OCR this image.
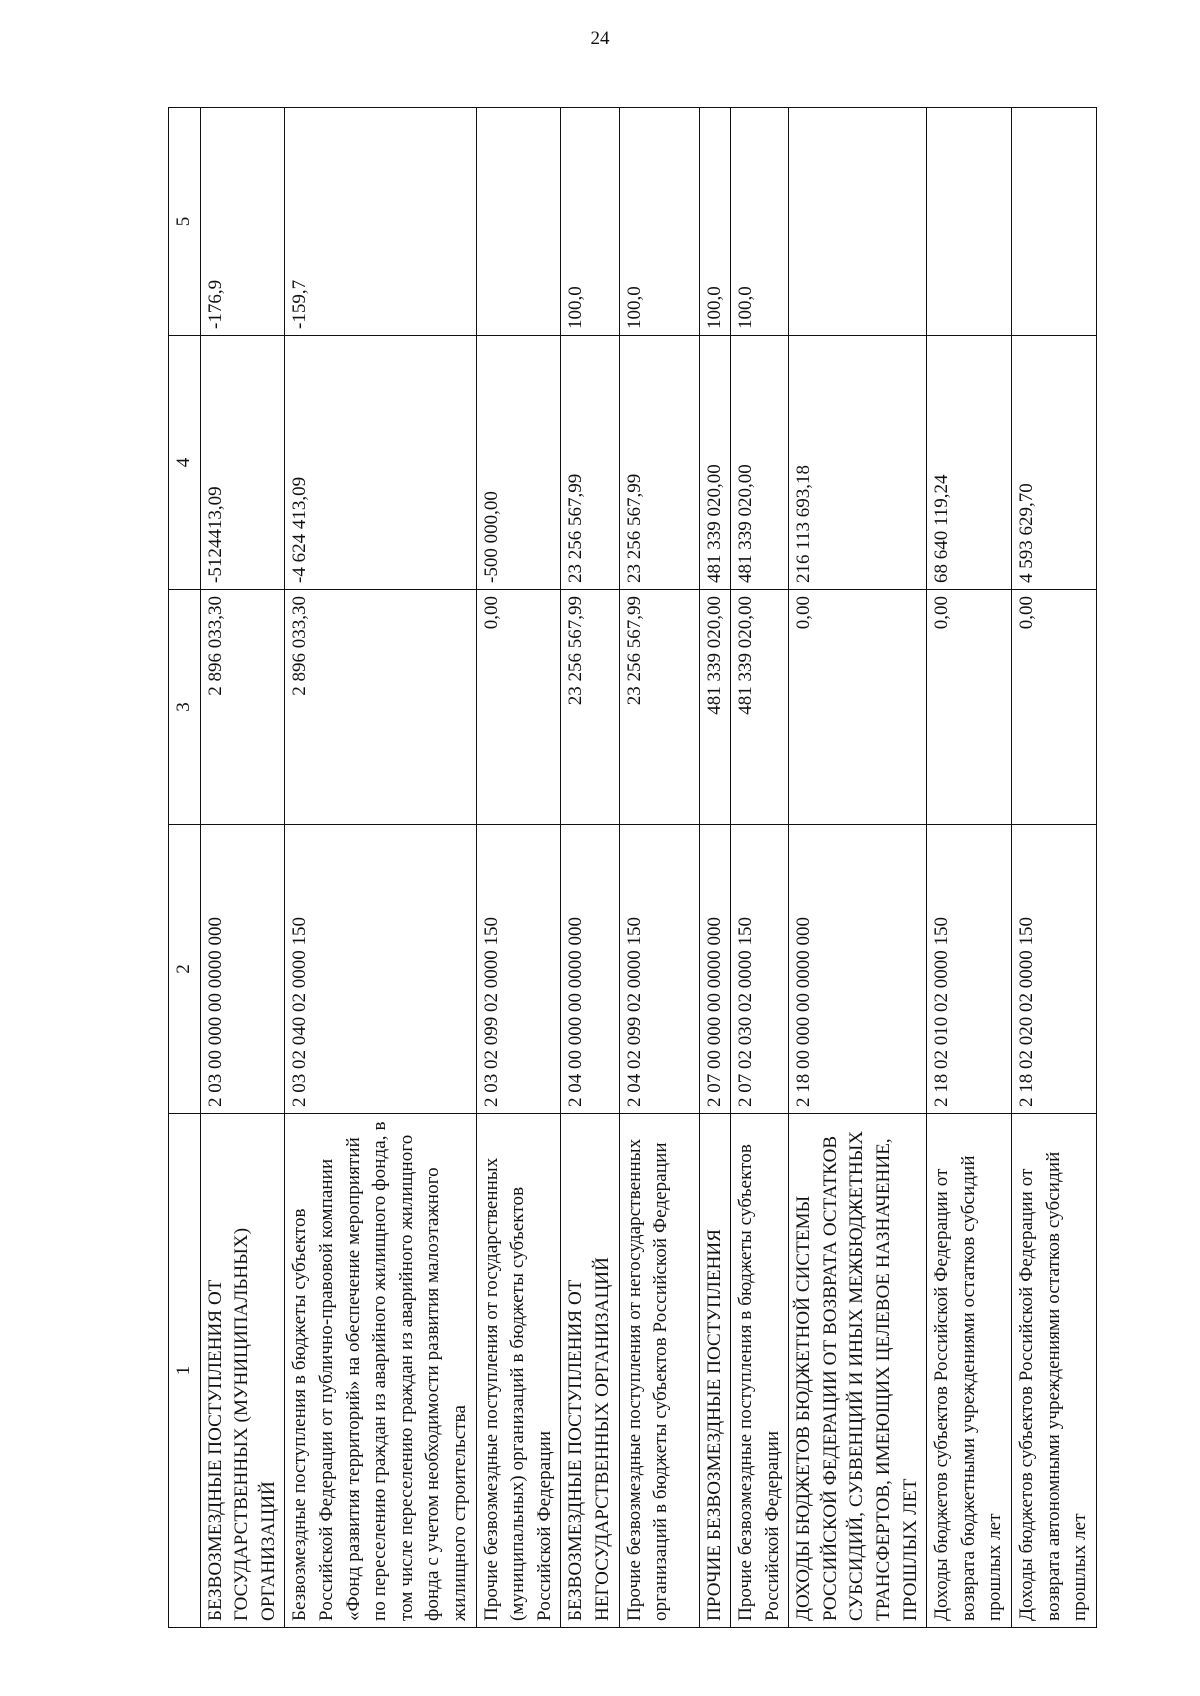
24
1	2	3	4	5
БЕЗВОЗМЕЗДНЫЕ ПОСТУПЛЕНИЯ ОТ ГОСУДАРСТВЕННЫХ (МУНИЦИПАЛЬНЫХ) ОРГАНИЗАЦИЙ	2 03 00 000 00 0000 000	2 896 033,30	-5124413,09	-176,9
Безвозмездные поступления в бюджеты субъектов Российской Федерации от публично-правовой компании «Фонд развития территорий» на обеспечение мероприятий по переселению граждан из аварийного жилищного фонда, в том числе переселению граждан из аварийного жилищного фонда с учетом необходимости развития малоэтажного жилищного строительства	2 03 02 040 02 0000 150	2 896 033,30	-4 624 413,09	-159,7
Прочие безвозмездные поступления от государственных (муниципальных) организаций в бюджеты субъектов Российской Федерации	2 03 02 099 02 0000 150	0,00	-500 000,00	
БЕЗВОЗМЕЗДНЫЕ ПОСТУПЛЕНИЯ ОТ НЕГОСУДАРСТВЕННЫХ ОРГАНИЗАЦИЙ	2 04 00 000 00 0000 000	23 256 567,99	23 256 567,99	100,0
Прочие безвозмездные поступления от негосударственных организаций в бюджеты субъектов Российской Федерации	2 04 02 099 02 0000 150	23 256 567,99	23 256 567,99	100,0
ПРОЧИЕ БЕЗВОЗМЕЗДНЫЕ ПОСТУПЛЕНИЯ	2 07 00 000 00 0000 000	481 339 020,00	481 339 020,00	100,0
Прочие безвозмездные поступления в бюджеты субъектов Российской Федерации	2 07 02 030 02 0000 150	481 339 020,00	481 339 020,00	100,0
ДОХОДЫ БЮДЖЕТОВ БЮДЖЕТНОЙ СИСТЕМЫ РОССИЙСКОЙ ФЕДЕРАЦИИ ОТ ВОЗВРАТА ОСТАТКОВ СУБСИДИЙ, СУБВЕНЦИЙ И ИНЫХ МЕЖБЮДЖЕТНЫХ ТРАНСФЕРТОВ, ИМЕЮЩИХ ЦЕЛЕВОЕ НАЗНАЧЕНИЕ, ПРОШЛЫХ ЛЕТ	2 18 00 000 00 0000 000	0,00	216 113 693,18	
Доходы бюджетов субъектов Российской Федерации от возврата бюджетными учреждениями остатков субсидий прошлых лет	2 18 02 010 02 0000 150	0,00	68 640 119,24	
Доходы бюджетов субъектов Российской Федерации от возврата автономными учреждениями остатков субсидий прошлых лет	2 18 02 020 02 0000 150	0,00	4 593 629,70	
